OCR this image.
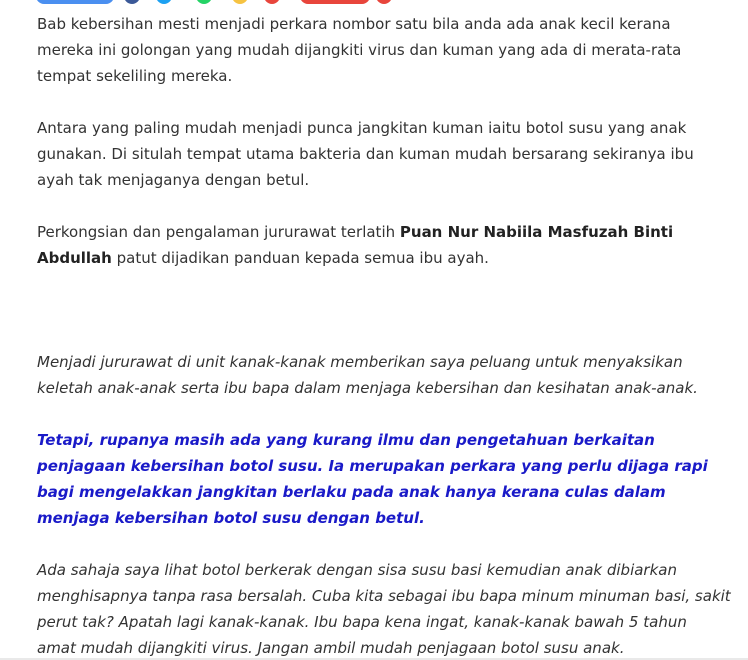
Bab kebersihan mesti menjadi perkara nombor satu bila anda ada anak kecil kerana
mereka ini golongan yang mudah dijangkiti virus dan kuman yang ada di merata-rata
tempat sekeliling mereka.

Antara yang paling mudah menjadi punca jangkitan kuman iaitu botol susu yang anak
gunakan. Di situlah tempat utama bakteria dan kuman mudah bersarang sekiranya ibu
ayah tak menjaganya dengan betul.

Perkongsian dan pengalaman jururawat terlatih Puan Nur Nabiila Masfuzah Binti
Abdullah patut dijadikan panduan kepada semua ibu ayah.

Menjadi jururawat di unit kanak-kanak memberikan saya peluang untuk menyaksikan
keletah anak-anak serta ibu bapa dalam menjaga kebersihan dan kesihatan anak-anak.

Tetapi, rupanya masih ada yang kurang ilmu dan pengetahuan berkaitan
penjagaan kebersihan botol susu. Ia merupakan perkara yang perlu dijaga rapi
bagi mengelakkan jangkitan berlaku pada anak hanya kerana culas dalam
menjaga kebersihan botol susu dengan betul.

Ada sahaja saya lihat botol berkerak dengan sisa susu basi kemudian anak dibiarkan
menghisapnya tanpa rasa bersalah. Cuba kita sebagai ibu bapa minum minuman basi, sakit
perut tak? Apatah lagi kanak-kanak. Ibu bapa kena ingat, kanak-kanak bawah 5 tahun
amat mudah dijangkiti virus. Jangan ambil mudah penjagaan botol susu anak.
